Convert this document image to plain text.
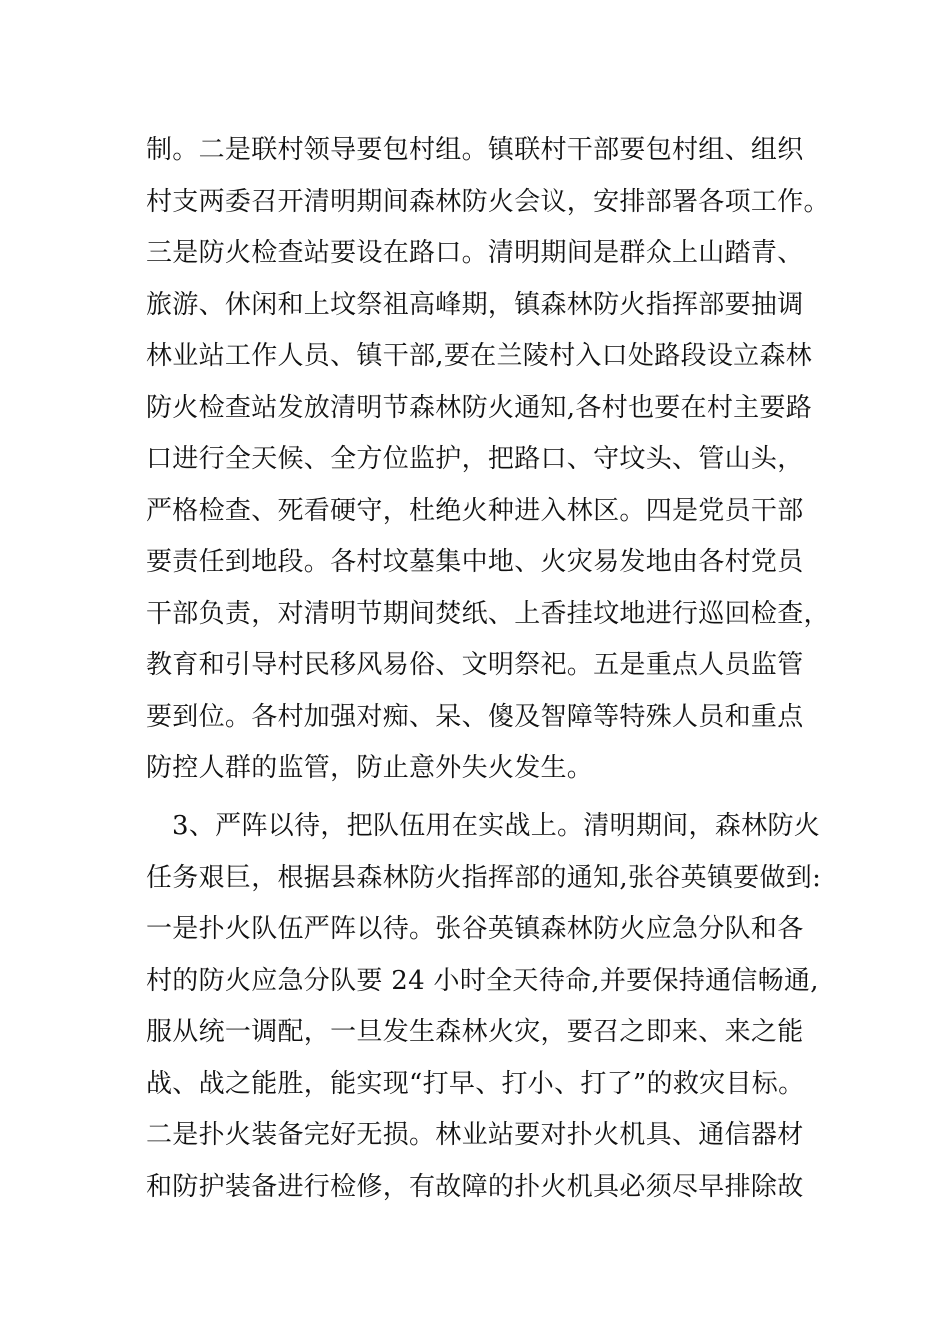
制。二是联村领导要包村组。镇联村干部要包村组、组织
村支两委召开清明期间森林防火会议，安排部署各项工作。
三是防火检查站要设在路口。清明期间是群众上山踏青、
旅游、休闲和上坟祭祖高峰期，镇森林防火指挥部要抽调
林业站工作人员、镇干部,要在兰陵村入口处路段设立森林
防火检查站发放清明节森林防火通知,各村也要在村主要路
口进行全天候、全方位监护，把路口、守坟头、管山头，
严格检查、死看硬守，杜绝火种进入林区。四是党员干部
要责任到地段。各村坟墓集中地、火灾易发地由各村党员
干部负责，对清明节期间焚纸、上香挂坟地进行巡回检查，
教育和引导村民移风易俗、文明祭祀。五是重点人员监管
要到位。各村加强对痴、呆、傻及智障等特殊人员和重点
防控人群的监管，防止意外失火发生。
3、严阵以待，把队伍用在实战上。清明期间，森林防火
任务艰巨，根据县森林防火指挥部的通知,张谷英镇要做到:
一是扑火队伍严阵以待。张谷英镇森林防火应急分队和各
村的防火应急分队要 24 小时全天待命,并要保持通信畅通,
服从统一调配，一旦发生森林火灾，要召之即来、来之能
战、战之能胜，能实现“打早、打小、打了”的救灾目标。
二是扑火装备完好无损。林业站要对扑火机具、通信器材
和防护装备进行检修，有故障的扑火机具必须尽早排除故
